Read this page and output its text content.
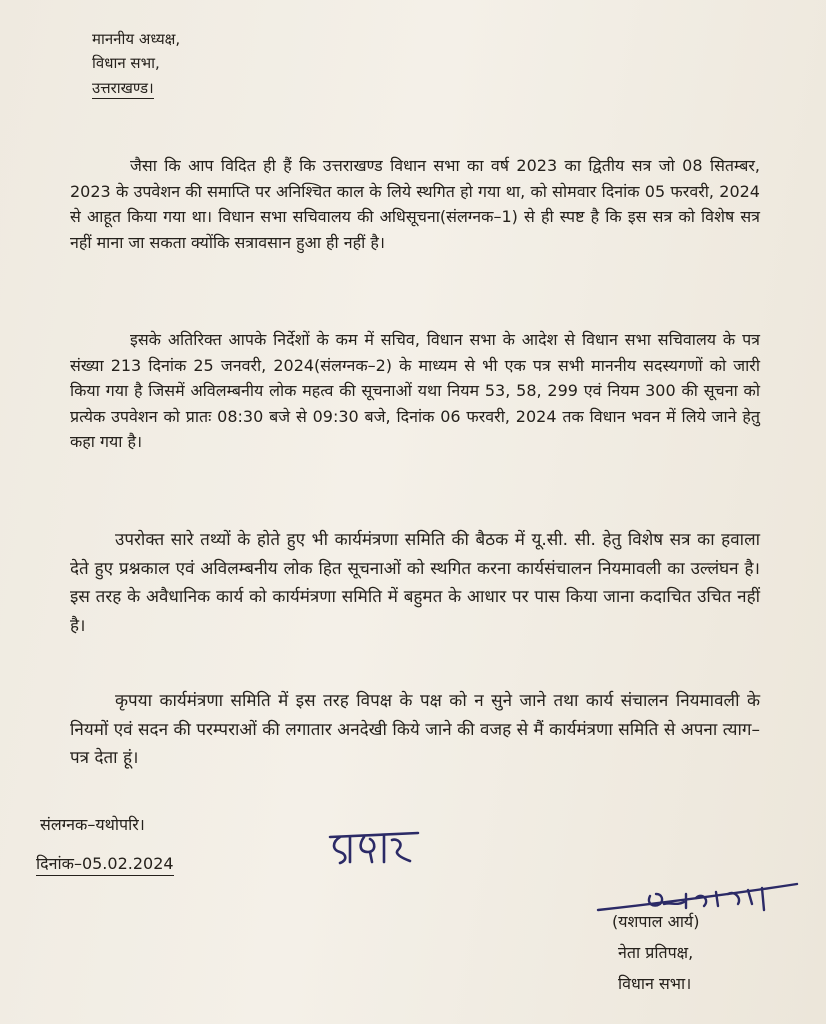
माननीय अध्यक्ष,
विधान सभा,
उत्तराखण्ड।

जैसा कि आप विदित ही हैं कि उत्तराखण्ड विधान सभा का वर्ष 2023 का द्वितीय सत्र जो 08 सितम्बर, 2023 के उपवेशन की समाप्ति पर अनिश्चित काल के लिये स्थगित हो गया था, को सोमवार दिनांक 05 फरवरी, 2024 से आहूत किया गया था। विधान सभा सचिवालय की अधिसूचना(संलग्नक–1) से ही स्पष्ट है कि इस सत्र को विशेष सत्र नहीं माना जा सकता क्योंकि सत्रावसान हुआ ही नहीं है।

इसके अतिरिक्त आपके निर्देशों के कम में सचिव, विधान सभा के आदेश से विधान सभा सचिवालय के पत्र संख्या 213 दिनांक 25 जनवरी, 2024(संलग्नक–2) के माध्यम से भी एक पत्र सभी माननीय सदस्यगणों को जारी किया गया है जिसमें अविलम्बनीय लोक महत्व की सूचनाओं यथा नियम 53, 58, 299 एवं नियम 300 की सूचना को प्रत्येक उपवेशन को प्रातः 08:30 बजे से 09:30 बजे, दिनांक 06 फरवरी, 2024 तक विधान भवन में लिये जाने हेतु कहा गया है।

उपरोक्त सारे तथ्यों के होते हुए भी कार्यमंत्रणा समिति की बैठक में यू.सी. सी. हेतु विशेष सत्र का हवाला देते हुए प्रश्नकाल एवं अविलम्बनीय लोक हित सूचनाओं को स्थगित करना कार्यसंचालन नियमावली का उल्लंघन है। इस तरह के अवैधानिक कार्य को कार्यमंत्रणा समिति में बहुमत के आधार पर पास किया जाना कदाचित उचित नहीं है।

कृपया कार्यमंत्रणा समिति में इस तरह विपक्ष के पक्ष को न सुने जाने तथा कार्य संचालन नियमावली के नियमों एवं सदन की परम्पराओं की लगातार अनदेखी किये जाने की वजह से मैं कार्यमंत्रणा समिति से अपना त्याग–पत्र देता हूं।

संलग्नक–यथोपरि।
दिनांक–05.02.2024
(यशपाल आर्य)
नेता प्रतिपक्ष,
विधान सभा।
